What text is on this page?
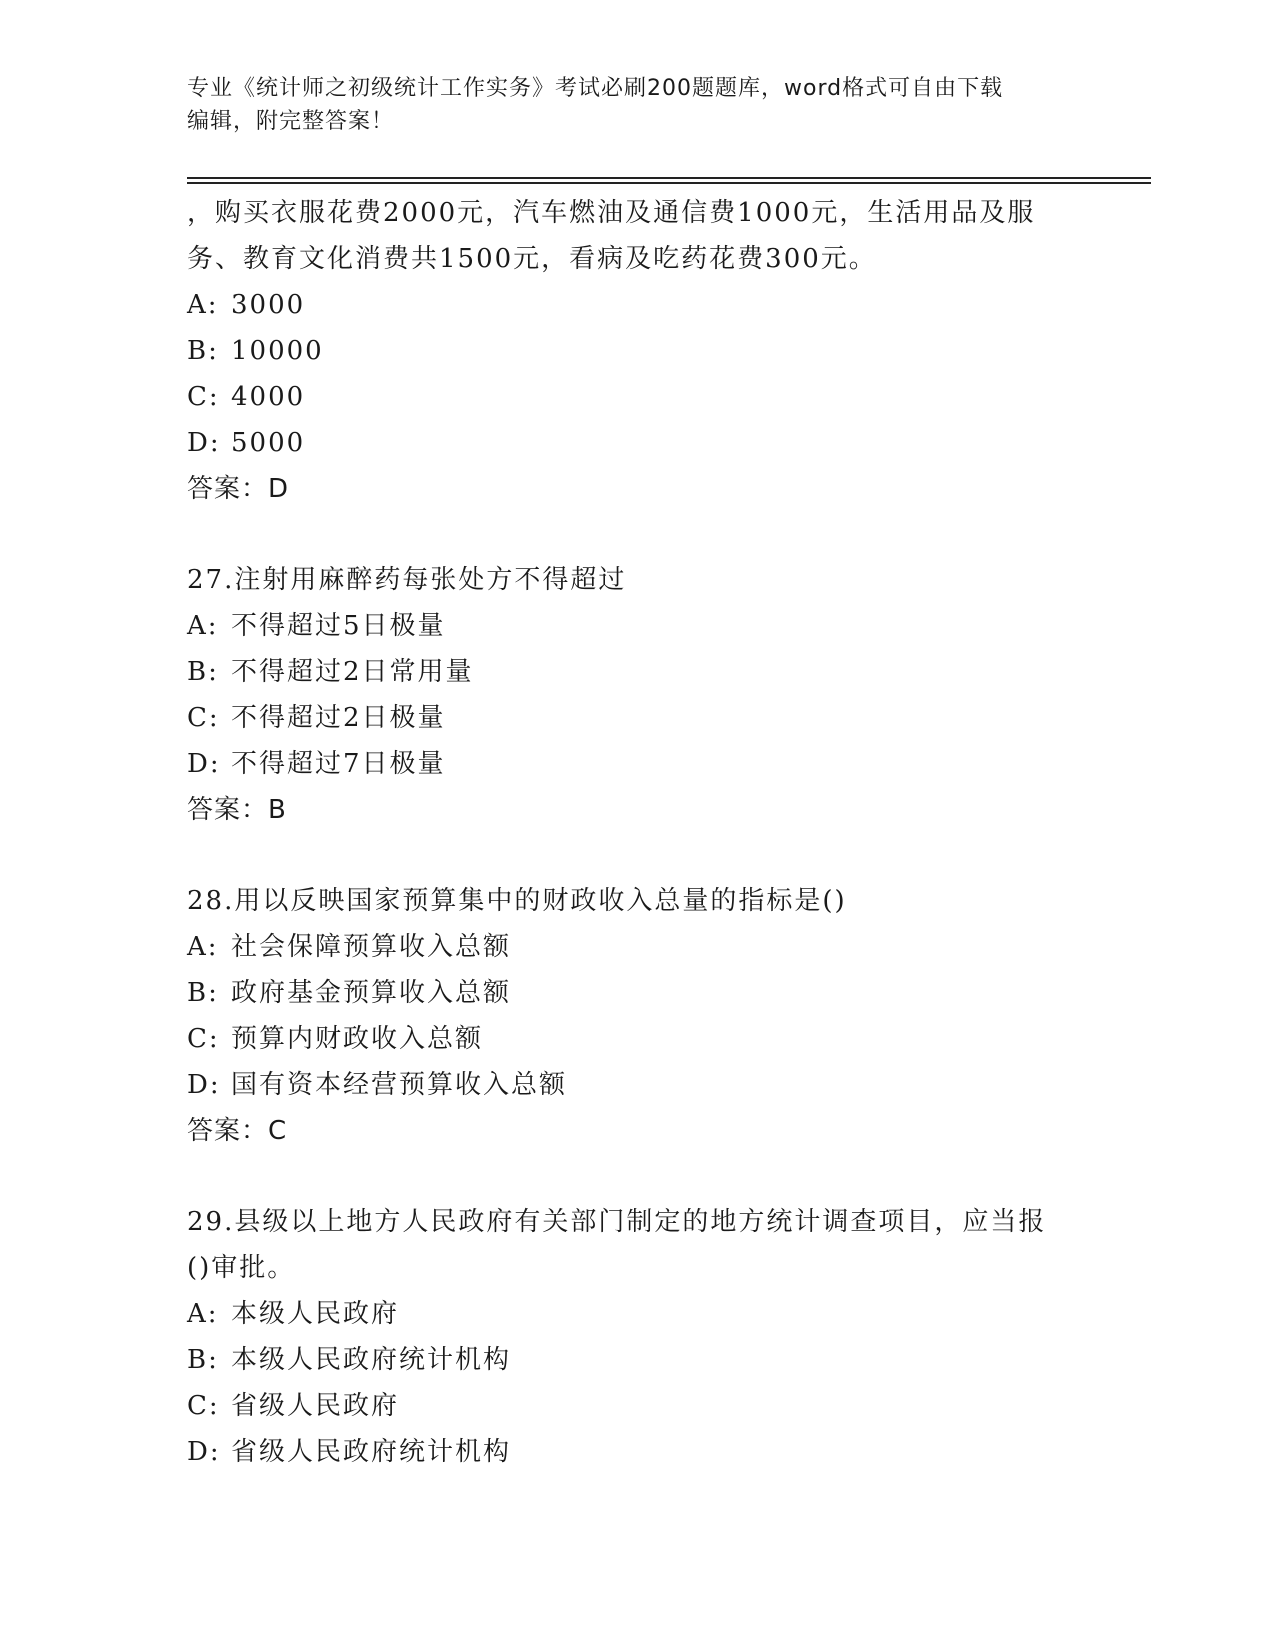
专业《统计师之初级统计工作实务》考试必刷200题题库，word格式可自由下载
编辑，附完整答案！

，购买衣服花费2000元，汽车燃油及通信费1000元，生活用品及服

务、教育文化消费共1500元，看病及吃药花费300元。

A: 3000
B: 10000
C: 4000
D: 5000
答案：D

27.注射用麻醉药每张处方不得超过

A: 不得超过5日极量
B: 不得超过2日常用量
C: 不得超过2日极量
D: 不得超过7日极量
答案：B

28.用以反映国家预算集中的财政收入总量的指标是()

A: 社会保障预算收入总额
B: 政府基金预算收入总额
C: 预算内财政收入总额
D: 国有资本经营预算收入总额
答案：C

29.县级以上地方人民政府有关部门制定的地方统计调查项目，应当报

()审批。

A: 本级人民政府
B: 本级人民政府统计机构
C: 省级人民政府
D: 省级人民政府统计机构
